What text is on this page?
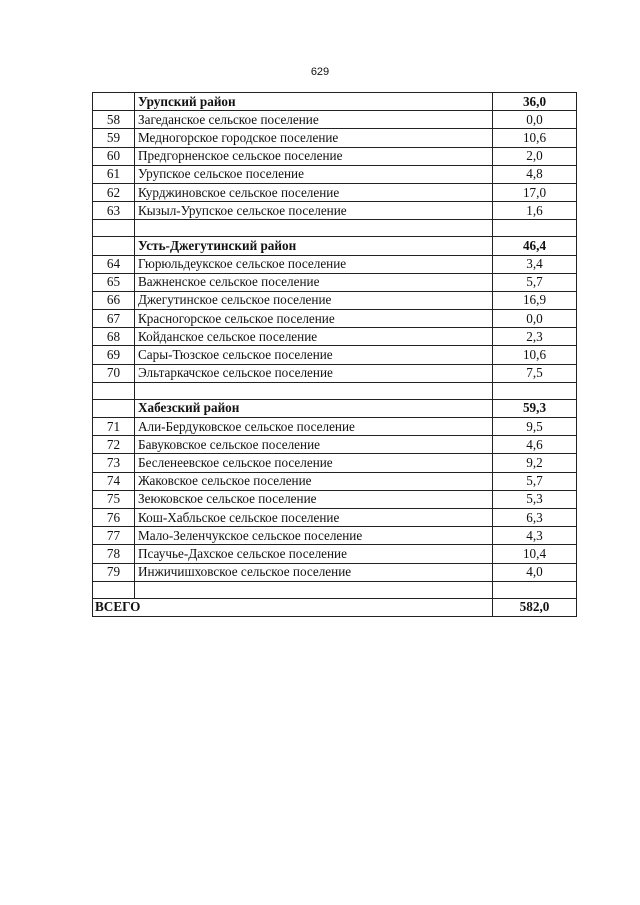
629
	Урупский район	36,0
58	Загеданское сельское поселение	0,0
59	Медногорское городское поселение	10,6
60	Предгорненское сельское поселение	2,0
61	Урупское сельское поселение	4,8
62	Курджиновское сельское поселение	17,0
63	Кызыл-Урупское сельское поселение	1,6

	Усть-Джегутинский район	46,4
64	Гюрюльдеукское сельское поселение	3,4
65	Важненское сельское поселение	5,7
66	Джегутинское сельское поселение	16,9
67	Красногорское сельское поселение	0,0
68	Койданское сельское поселение	2,3
69	Сары-Тюзское сельское поселение	10,6
70	Эльтаркачское сельское поселение	7,5

	Хабезский район	59,3
71	Али-Бердуковское сельское поселение	9,5
72	Бавуковское сельское поселение	4,6
73	Бесленеевское сельское поселение	9,2
74	Жаковское сельское поселение	5,7
75	Зеюковское сельское поселение	5,3
76	Кош-Хабльское сельское поселение	6,3
77	Мало-Зеленчукское сельское поселение	4,3
78	Псаучье-Дахское сельское поселение	10,4
79	Инжичишховское сельское поселение	4,0

ВСЕГО		582,0
